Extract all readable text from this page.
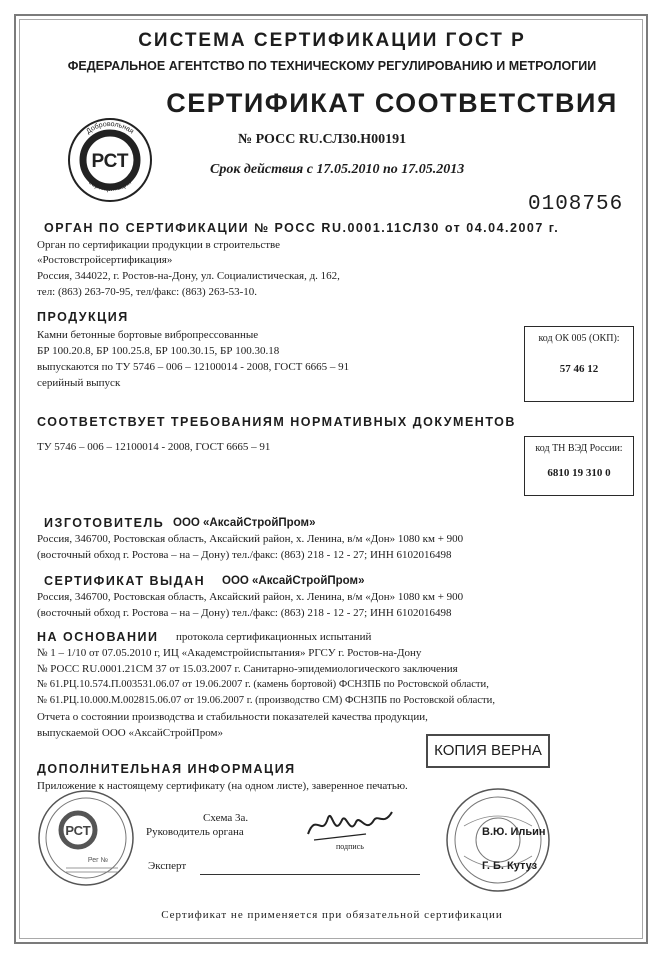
СИСТЕМА СЕРТИФИКАЦИИ ГОСТ Р
ФЕДЕРАЛЬНОЕ АГЕНТСТВО ПО ТЕХНИЧЕСКОМУ РЕГУЛИРОВАНИЮ И МЕТРОЛОГИИ
РСТ
Добровольная
сертификация
СЕРТИФИКАТ СООТВЕТСТВИЯ
№ РОСС RU.СЛ30.Н00191
Срок действия с 17.05.2010 по 17.05.2013
0108756
ОРГАН ПО СЕРТИФИКАЦИИ № РОСС RU.0001.11СЛ30 от 04.04.2007 г.
Орган по сертификации продукции в строительстве
«Ростовстройсертификация»
Россия, 344022, г. Ростов-на-Дону, ул. Социалистическая, д. 162,
тел: (863) 263-70-95, тел/факс: (863) 263-53-10.
ПРОДУКЦИЯ
Камни бетонные бортовые вибропрессованные
БР 100.20.8, БР 100.25.8, БР 100.30.15, БР 100.30.18
выпускаются по ТУ 5746 – 006 – 12100014 - 2008, ГОСТ 6665 – 91
серийный выпуск
код ОК 005 (ОКП):
57 46 12
СООТВЕТСТВУЕТ ТРЕБОВАНИЯМ НОРМАТИВНЫХ ДОКУМЕНТОВ
ТУ 5746 – 006 – 12100014 - 2008, ГОСТ 6665 – 91	код ТН ВЭД России:
6810 19 310 0
ИЗГОТОВИТЕЛЬ ООО «АксайСтройПром»
Россия, 346700, Ростовская область, Аксайский район, х. Ленина, в/м «Дон» 1080 км + 900
(восточный обход г. Ростова – на – Дону) тел./факс: (863) 218 - 12 - 27; ИНН 6102016498
СЕРТИФИКАТ ВЫДАН ООО «АксайСтройПром»
Россия, 346700, Ростовская область, Аксайский район, х. Ленина, в/м «Дон» 1080 км + 900
(восточный обход г. Ростова – на – Дону) тел./факс: (863) 218 - 12 - 27; ИНН 6102016498
НА ОСНОВАНИИ протокола сертификационных испытаний
№ 1 – 1/10 от 07.05.2010 г, ИЦ «Академстройиспытания» РГСУ г. Ростов-на-Дону
№ РОСС RU.0001.21СМ 37 от 15.03.2007 г. Санитарно-эпидемиологического заключения
№ 61.РЦ.10.574.П.003531.06.07 от 19.06.2007 г. (камень бортовой) ФСНЗПБ по Ростовской области,
№ 61.РЦ.10.000.М.002815.06.07 от 19.06.2007 г. (производство СМ) ФСНЗПБ по Ростовской области,
Отчета о состоянии производства и стабильности показателей качества продукции,
выпускаемой ООО «АксайСтройПром»
КОПИЯ ВЕРНА
ДОПОЛНИТЕЛЬНАЯ ИНФОРМАЦИЯ
Приложение к настоящему сертификату (на одном листе), заверенное печатью.
РСТ
Рег №
Схема 3а.
Руководитель органа
подпись
В.Ю. Ильин
Эксперт	Г. Б. Кутуз
Сертификат не применяется при обязательной сертификации
